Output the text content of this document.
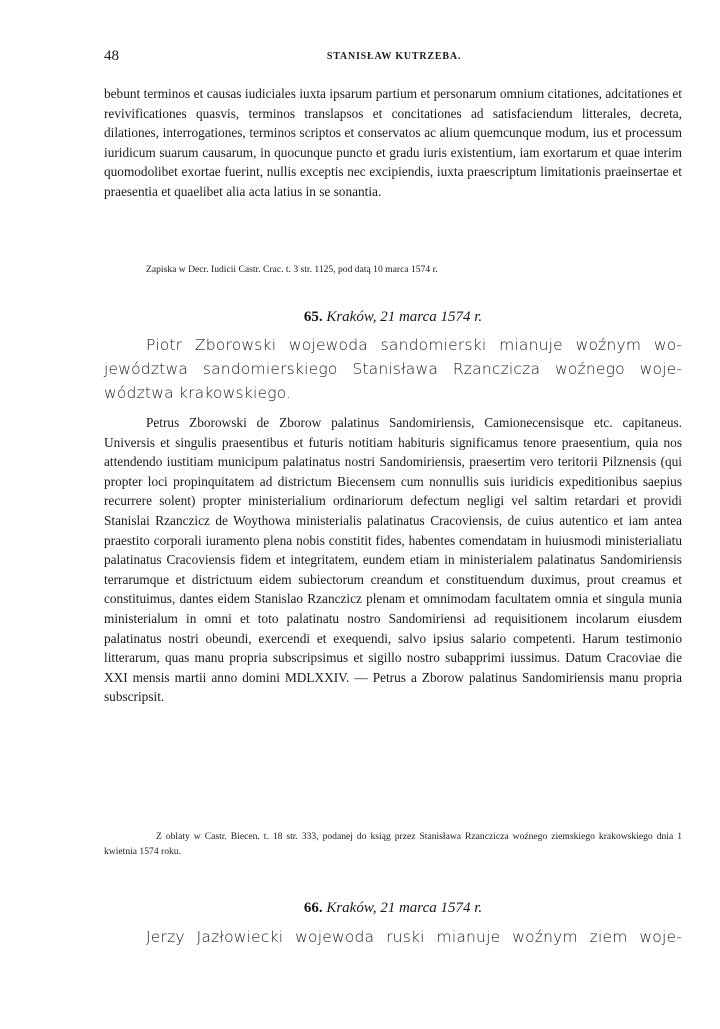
48	STANISŁAW KUTRZEBA.
bebunt terminos et causas iudiciales iuxta ipsarum partium et personarum omnium citationes, adcitationes et revivificationes quasvis, terminos translapsos et concitationes ad satisfaciendum litterales, decreta, dilationes, interrogationes, terminos scriptos et conservatos ac alium quemcunque modum, ius et processum iuridicum suarum causarum, in quocunque puncto et gradu iuris existentium, iam exortarum et quae interim quomodolibet exortae fuerint, nullis exceptis nec excipiendis, iuxta praescriptum limitationis praeinsertae et praesentia et quaelibet alia acta latius in se sonantia.
Zapiska w Decr. Iudicii Castr. Crac. t. 3 str. 1125, pod datą 10 marca 1574 r.
65. Kraków, 21 marca 1574 r.
Piotr Zborowski wojewoda sandomierski mianuje woźnym województwa sandomierskiego Stanisława Rzanczicza woźnego województwa krakowskiego.
Petrus Zborowski de Zborow palatinus Sandomiriensis, Camionecensisque etc. capitaneus. Universis et singulis praesentibus et futuris notitiam habituris significamus tenore praesentium, quia nos attendendo iustitiam municipum palatinatus nostri Sandomiriensis, praesertim vero teritorii Pilznensis (qui propter loci propinquitatem ad districtum Biecensem cum nonnullis suis iuridicis expeditionibus saepius recurrere solent) propter ministerialium ordinariorum defectum negligi vel saltim retardari et providi Stanislai Rzanczicz de Woythowa ministerialis palatinatus Cracoviensis, de cuius autentico et iam antea praestito corporali iuramento plena nobis constitit fides, habentes comendatam in huiusmodi ministerialiatu palatinatus Cracoviensis fidem et integritatem, eundem etiam in ministerialem palatinatus Sandomiriensis terrarumque et districtuum eidem subiectorum creandum et constituendum duximus, prout creamus et constituimus, dantes eidem Stanislao Rzanczicz plenam et omnimodam facultatem omnia et singula munia ministerialum in omni et toto palatinatu nostro Sandomiriensi ad requisitionem incolarum eiusdem palatinatus nostri obeundi, exercendi et exequendi, salvo ipsius salario competenti. Harum testimonio litterarum, quas manu propria subscripsimus et sigillo nostro subapprimi iussimus. Datum Cracoviae die XXI mensis martii anno domini MDLXXIV. — Petrus a Zborow palatinus Sandomiriensis manu propria subscripsit.
Z oblaty w Castr. Biecen. t. 18 str. 333, podanej do ksiąg przez Stanisława Rzanczicza woźnego ziemskiego krakowskiego dnia 1 kwietnia 1574 roku.
66. Kraków, 21 marca 1574 r.
Jerzy Jazłowiecki wojewoda ruski mianuje woźnym ziem woje-
